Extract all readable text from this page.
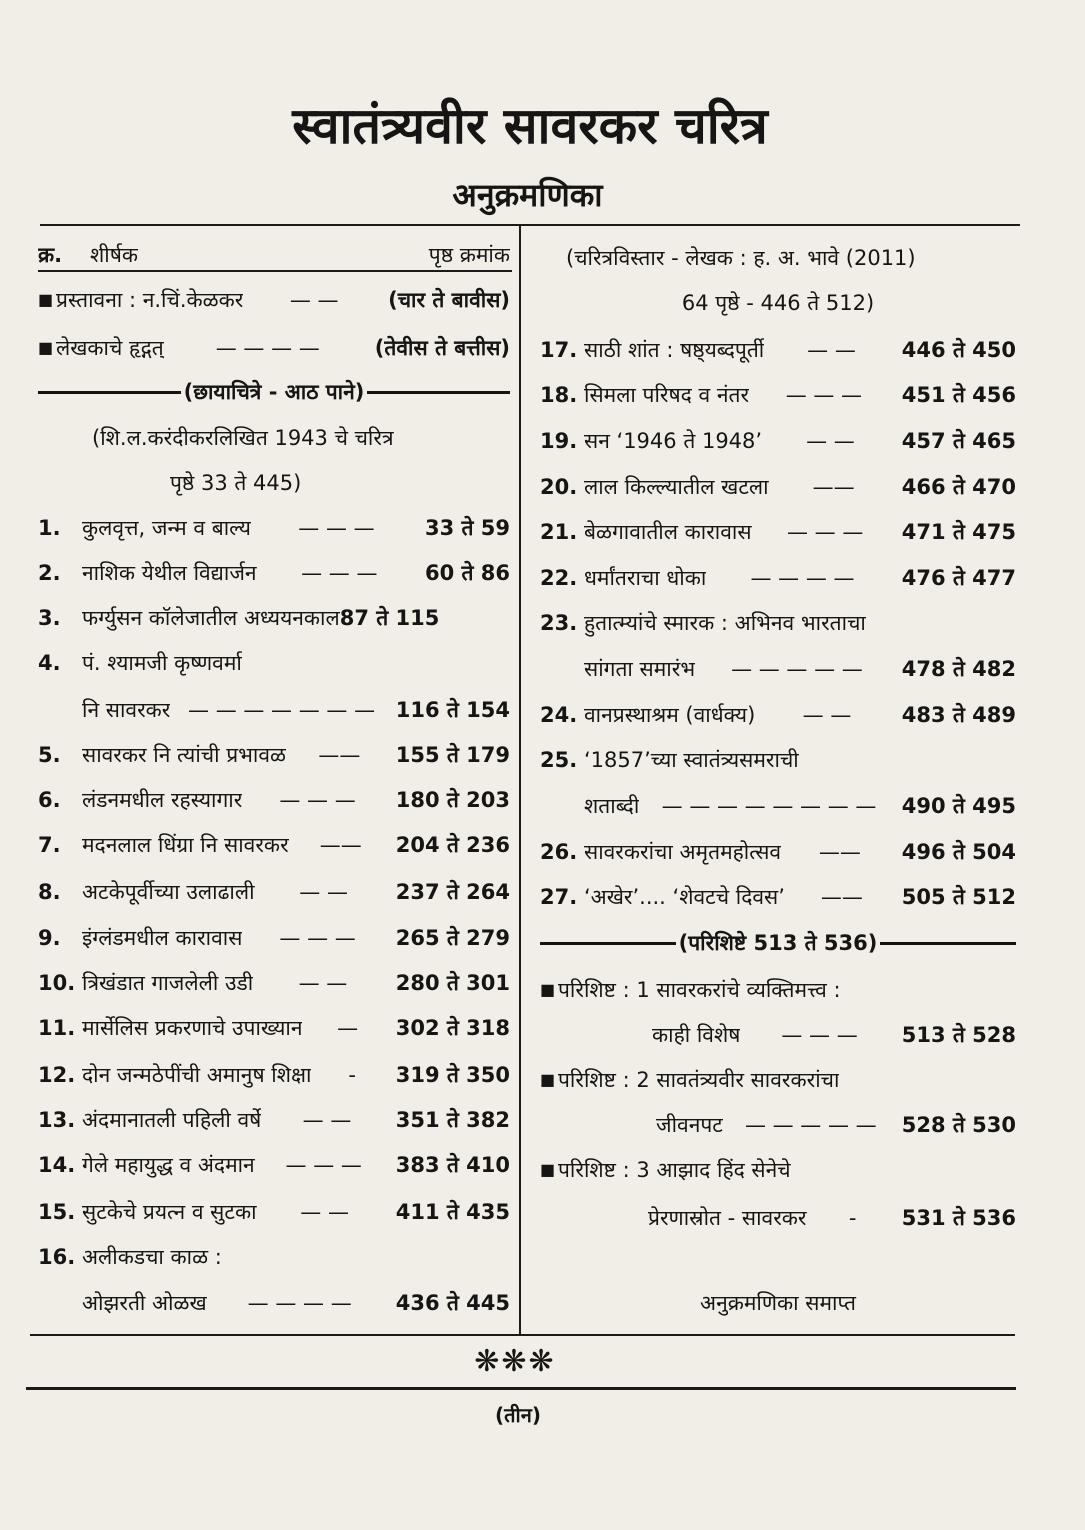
स्वातंत्र्यवीर सावरकर चरित्र
अनुक्रमणिका
क्र.	शीर्षक	पृष्ठ क्रमांक
■ प्रस्तावना : न.चिं.केळकर	— —	(चार ते बावीस)
■ लेखकाचे हृद्गत्	— — — —	(तेवीस ते बत्तीस)
(छायाचित्रे - आठ पाने)
(शि.ल.करंदीकरलिखित 1943 चे चरित्र
पृष्ठे 33 ते 445)
1.	कुलवृत्त, जन्म व बाल्य	— — —	33 ते 59
2.	नाशिक येथील विद्यार्जन	— — —	60 ते 86
3.	फर्ग्युसन कॉलेजातील अध्ययनकाल 87 ते 115
4.	पं. श्यामजी कृष्णवर्मा
नि सावरकर — — — — — — — 116 ते 154
5.	सावरकर नि त्यांची प्रभावळ	——	155 ते 179
6.	लंडनमधील रहस्यागार	— — —	180 ते 203
7.	मदनलाल धिंग्रा नि सावरकर	——	204 ते 236
8.	अटकेपूर्वीच्या उलाढाली	— —	237 ते 264
9.	इंग्लंडमधील कारावास	— — —	265 ते 279
10. त्रिखंडात गाजलेली उडी	— —	280 ते 301
11. मार्सेलिस प्रकरणाचे उपाख्यान	—	302 ते 318
12. दोन जन्मठेपींची अमानुष शिक्षा	-	319 ते 350
13. अंदमानातली पहिली वर्षे	— —	351 ते 382
14. गेले महायुद्ध व अंदमान	— — —	383 ते 410
15. सुटकेचे प्रयत्न व सुटका	— —	411 ते 435
16. अलीकडचा काळ :
ओझरती ओळख	— — — —	436 ते 445
(चरित्रविस्तार - लेखक : ह. अ. भावे (2011)
64 पृष्ठे - 446 ते 512)
17. साठी शांत : षष्ठ्यब्दपूर्ती	— —	446 ते 450
18. सिमला परिषद व नंतर	— — —	451 ते 456
19. सन ‘1946 ते 1948’	— —	457 ते 465
20. लाल किल्ल्यातील खटला	——	466 ते 470
21. बेळगावातील कारावास	— — —	471 ते 475
22. धर्मांतराचा धोका	— — — —	476 ते 477
23. हुतात्म्यांचे स्मारक : अभिनव भारताचा
सांगता समारंभ	— — — — —	478 ते 482
24. वानप्रस्थाश्रम (वार्धक्य)	— —	483 ते 489
25. ‘1857’च्या स्वातंत्र्यसमराची
शताब्दी	— — — — — — — —	490 ते 495
26. सावरकरांचा अमृतमहोत्सव	——	496 ते 504
27. ‘अखेर’.... ‘शेवटचे दिवस’	——	505 ते 512
(परिशिष्टे 513 ते 536)
■ परिशिष्ट : 1 सावरकरांचे व्यक्तिमत्त्व :
काही विशेष	— — —	513 ते 528
■ परिशिष्ट : 2 सावतंत्र्यवीर सावरकरांचा
जीवनपट	— — — — —	528 ते 530
■ परिशिष्ट : 3 आझाद हिंद सेनेचे
प्रेरणास्रोत - सावरकर	-	531 ते 536
अनुक्रमणिका समाप्त
❋❋❋
(तीन)
